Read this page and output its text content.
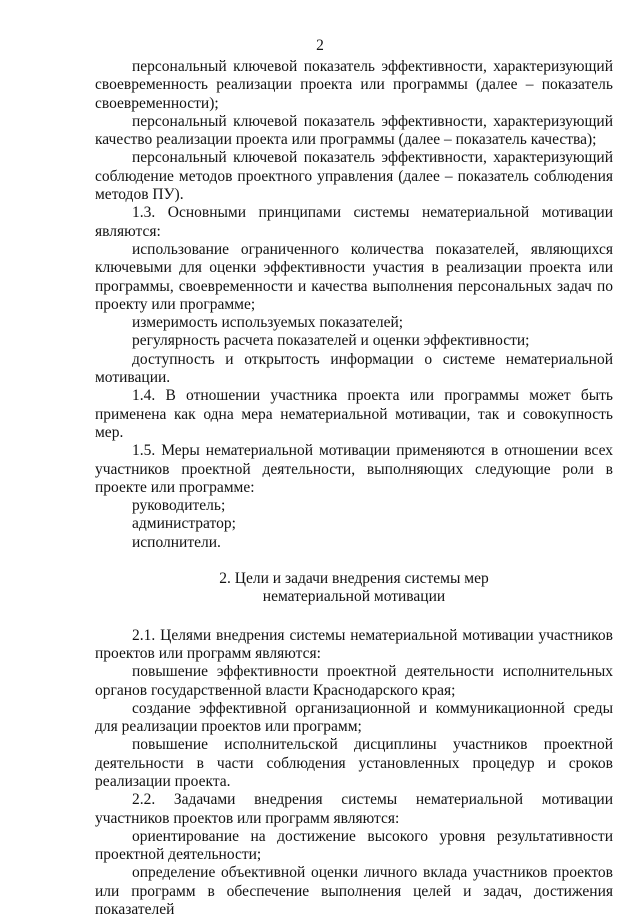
2

персональный ключевой показатель эффективности, характеризующий своевременность реализации проекта или программы (далее – показатель своевременности);

персональный ключевой показатель эффективности, характеризующий качество реализации проекта или программы (далее – показатель качества);

персональный ключевой показатель эффективности, характеризующий соблюдение методов проектного управления (далее – показатель соблюдения методов ПУ).

1.3. Основными принципами системы нематериальной мотивации являются:

использование ограниченного количества показателей, являющихся ключевыми для оценки эффективности участия в реализации проекта или программы, своевременности и качества выполнения персональных задач по проекту или программе;

измеримость используемых показателей;

регулярность расчета показателей и оценки эффективности;

доступность и открытость информации о системе нематериальной мотивации.

1.4. В отношении участника проекта или программы может быть применена как одна мера нематериальной мотивации, так и совокупность мер.

1.5. Меры нематериальной мотивации применяются в отношении всех участников проектной деятельности, выполняющих следующие роли в проекте или программе:

руководитель;

администратор;

исполнители.

2. Цели и задачи внедрения системы мер
нематериальной мотивации

2.1. Целями внедрения системы нематериальной мотивации участников проектов или программ являются:

повышение эффективности проектной деятельности исполнительных органов государственной власти Краснодарского края;

создание эффективной организационной и коммуникационной среды для реализации проектов или программ;

повышение исполнительской дисциплины участников проектной деятельности в части соблюдения установленных процедур и сроков реализации проекта.

2.2. Задачами внедрения системы нематериальной мотивации участников проектов или программ являются:

ориентирование на достижение высокого уровня результативности проектной деятельности;

определение объективной оценки личного вклада участников проектов или программ в обеспечение выполнения целей и задач, достижения показателей
